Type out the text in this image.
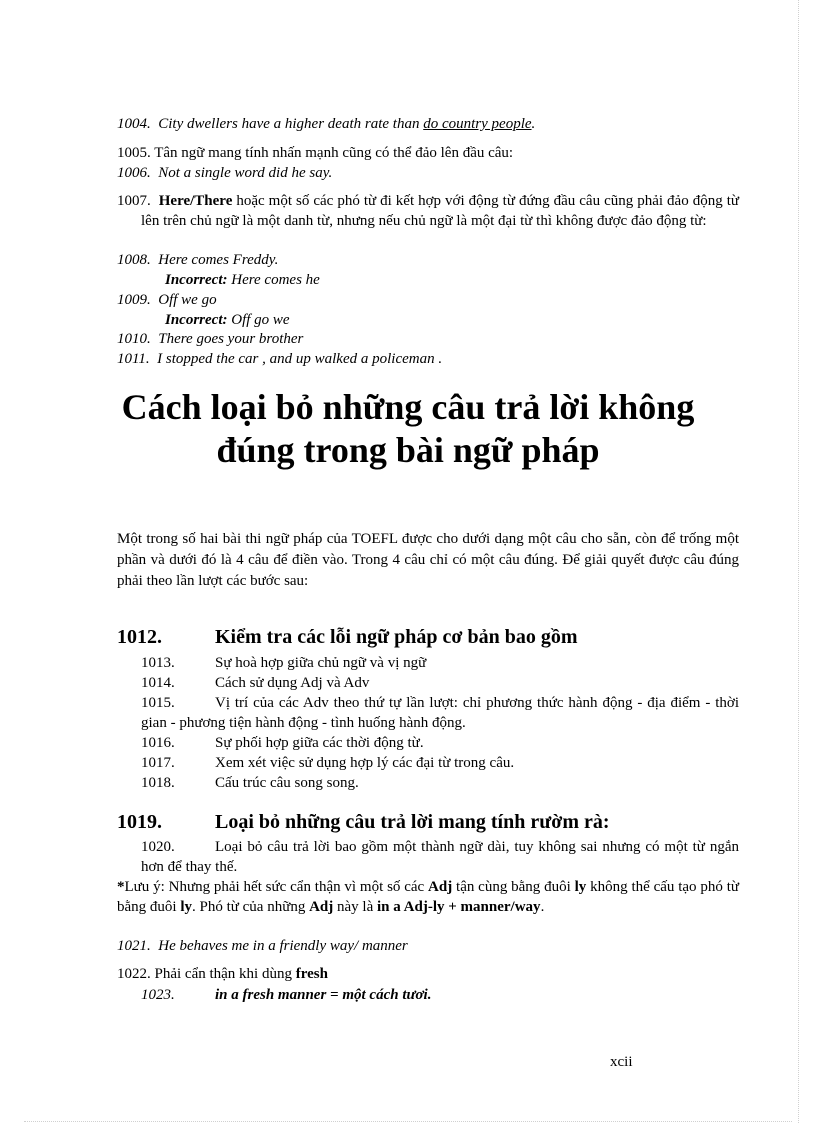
1004. City dwellers have a higher death rate than do country people.
1005. Tân ngữ mang tính nhấn mạnh cũng có thể đảo lên đầu câu:
1006. Not a single word did he say.
1007. Here/There hoặc một số các phó từ đi kết hợp với động từ đứng đầu câu cũng phải đảo động từ lên trên chủ ngữ là một danh từ, nhưng nếu chủ ngữ là một đại từ thì không được đảo động từ:
1008. Here comes Freddy.
Incorrect: Here comes he
1009. Off we go
Incorrect: Off go we
1010. There goes your brother
1011. I stopped the car , and up walked a policeman .
Cách loại bỏ những câu trả lời không
đúng trong bài ngữ pháp
Một trong số hai bài thi ngữ pháp của TOEFL được cho dưới dạng một câu cho sẵn, còn để trống một phần và dưới đó là 4 câu để điền vào. Trong 4 câu chỉ có một câu đúng. Để giải quyết được câu đúng phải theo lần lượt các bước sau:
1012.	Kiểm tra các lỗi ngữ pháp cơ bản bao gồm
1013.	Sự hoà hợp giữa chủ ngữ và vị ngữ
1014.	Cách sử dụng Adj và Adv
1015.	Vị trí của các Adv theo thứ tự lần lượt: chỉ phương thức hành động - địa điểm - thời gian - phương tiện hành động - tình huống hành động.
1016.	Sự phối hợp giữa các thời động từ.
1017.	Xem xét việc sử dụng hợp lý các đại từ trong câu.
1018.	Cấu trúc câu song song.
1019.	Loại bỏ những câu trả lời mang tính rườm rà:
1020.	Loại bỏ câu trả lời bao gồm một thành ngữ dài, tuy không sai nhưng có một từ ngắn hơn để thay thế.
*Lưu ý: Nhưng phải hết sức cẩn thận vì một số các Adj tận cùng bằng đuôi ly không thể cấu tạo phó từ bằng đuôi ly. Phó từ của những Adj này là in a Adj-ly + manner/way.
1021. He behaves me in a friendly way/ manner
1022. Phải cẩn thận khi dùng fresh
1023.	in a fresh manner = một cách tươi.
xcii
